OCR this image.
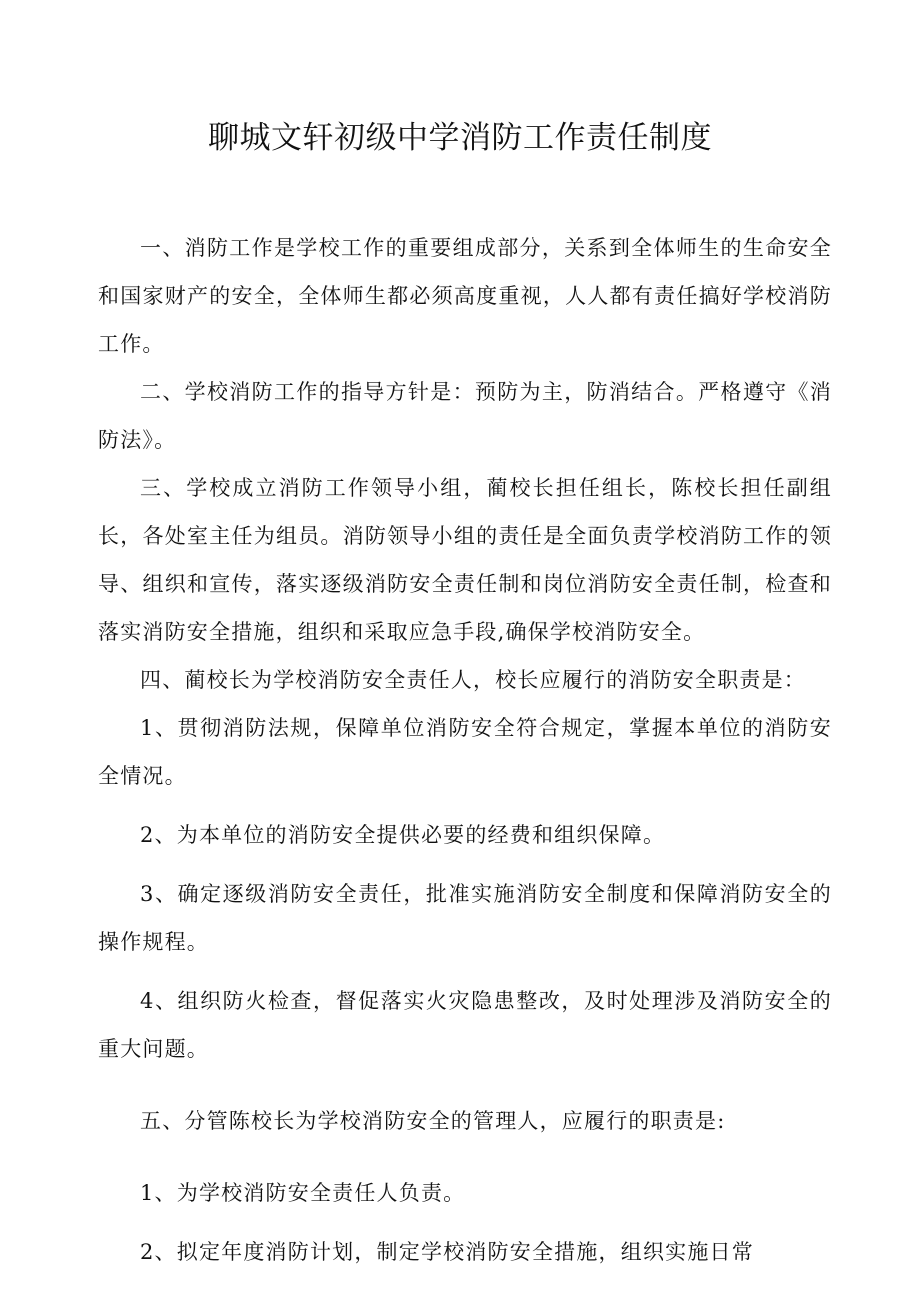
聊城文轩初级中学消防工作责任制度

一、消防工作是学校工作的重要组成部分，关系到全体师生的生命安全和国家财产的安全，全体师生都必须高度重视，人人都有责任搞好学校消防工作。

二、学校消防工作的指导方针是：预防为主，防消结合。严格遵守《消防法》。

三、学校成立消防工作领导小组，蔺校长担任组长，陈校长担任副组长，各处室主任为组员。消防领导小组的责任是全面负责学校消防工作的领导、组织和宣传，落实逐级消防安全责任制和岗位消防安全责任制，检查和落实消防安全措施，组织和采取应急手段,确保学校消防安全。

四、蔺校长为学校消防安全责任人，校长应履行的消防安全职责是：

1、贯彻消防法规，保障单位消防安全符合规定，掌握本单位的消防安全情况。

2、为本单位的消防安全提供必要的经费和组织保障。

3、确定逐级消防安全责任，批准实施消防安全制度和保障消防安全的操作规程。

4、组织防火检查，督促落实火灾隐患整改，及时处理涉及消防安全的重大问题。

五、分管陈校长为学校消防安全的管理人，应履行的职责是:

1、为学校消防安全责任人负责。

2、拟定年度消防计划，制定学校消防安全措施，组织实施日常
